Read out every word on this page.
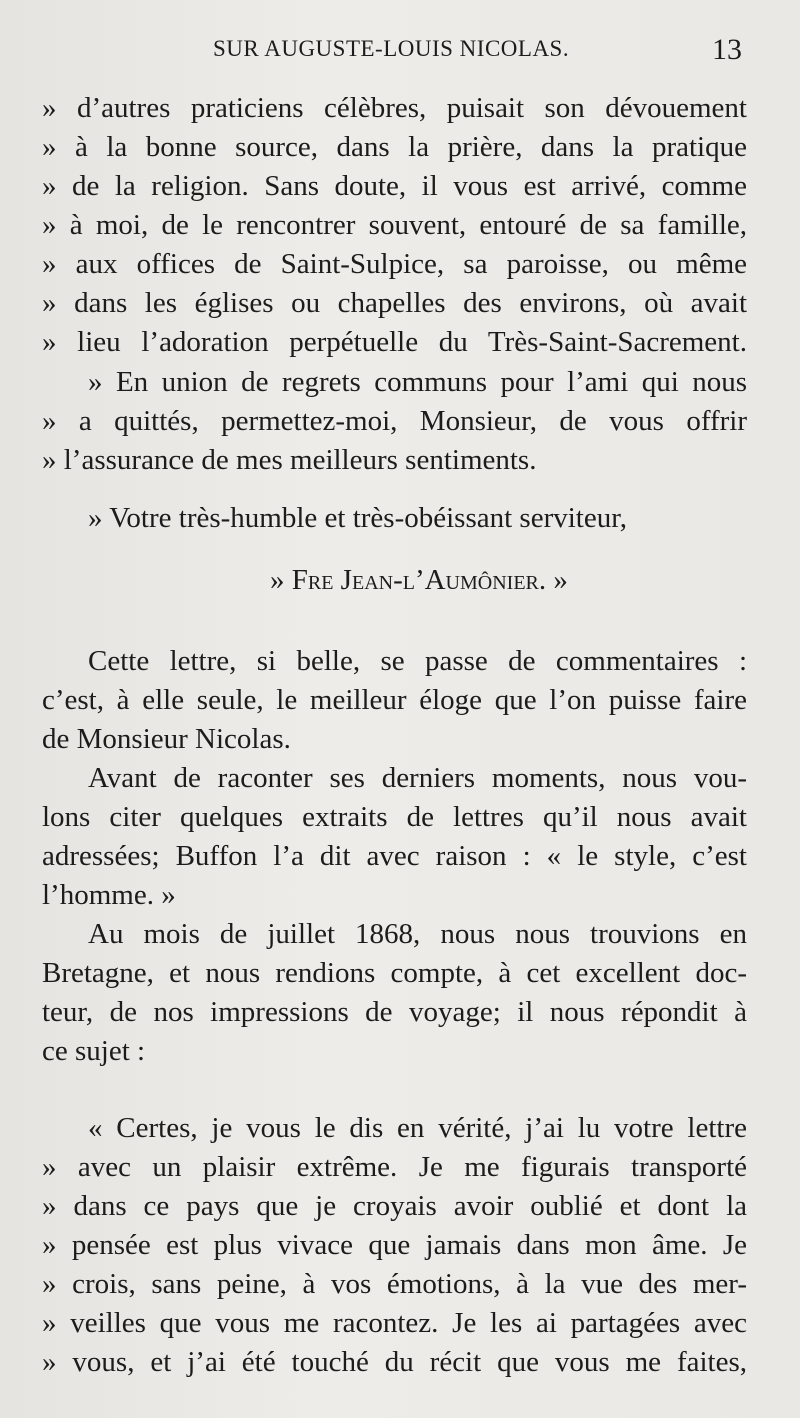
SUR AUGUSTE-LOUIS NICOLAS.	13
» d’autres praticiens célèbres, puisait son dévouement
» à la bonne source, dans la prière, dans la pratique
» de la religion. Sans doute, il vous est arrivé, comme
» à moi, de le rencontrer souvent, entouré de sa famille,
» aux offices de Saint-Sulpice, sa paroisse, ou même
» dans les églises ou chapelles des environs, où avait
» lieu l’adoration perpétuelle du Très-Saint-Sacrement.
» En union de regrets communs pour l’ami qui nous
» a quittés, permettez-moi, Monsieur, de vous offrir
» l’assurance de mes meilleurs sentiments.
» Votre très-humble et très-obéissant serviteur,
» Fre Jean-l’Aumônier. »
Cette lettre, si belle, se passe de commentaires :
c’est, à elle seule, le meilleur éloge que l’on puisse faire
de Monsieur Nicolas.
Avant de raconter ses derniers moments, nous vou-
lons citer quelques extraits de lettres qu’il nous avait
adressées; Buffon l’a dit avec raison : « le style, c’est
l’homme. »
Au mois de juillet 1868, nous nous trouvions en
Bretagne, et nous rendions compte, à cet excellent doc-
teur, de nos impressions de voyage; il nous répondit à
ce sujet :
« Certes, je vous le dis en vérité, j’ai lu votre lettre
» avec un plaisir extrême. Je me figurais transporté
» dans ce pays que je croyais avoir oublié et dont la
» pensée est plus vivace que jamais dans mon âme. Je
» crois, sans peine, à vos émotions, à la vue des mer-
» veilles que vous me racontez. Je les ai partagées avec
» vous, et j’ai été touché du récit que vous me faites,
